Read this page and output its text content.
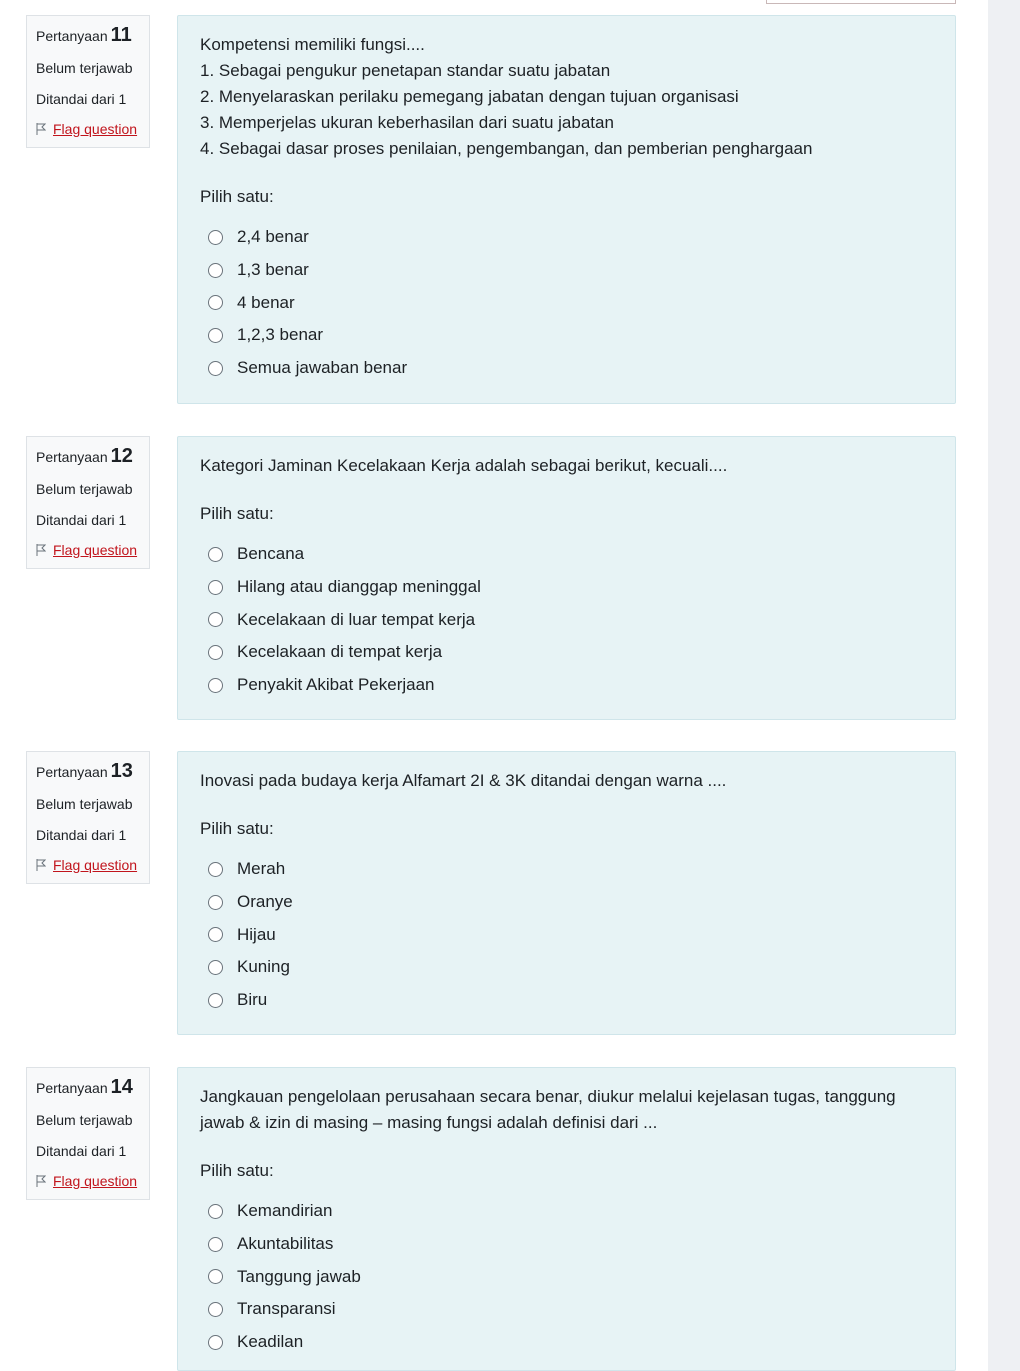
Pertanyaan 11
Belum terjawab
Ditandai dari 1
Flag question

Kompetensi memiliki fungsi....

1. Sebagai pengukur penetapan standar suatu jabatan

2. Menyelaraskan perilaku pemegang jabatan dengan tujuan organisasi

3. Memperjelas ukuran keberhasilan dari suatu jabatan

4. Sebagai dasar proses penilaian, pengembangan, dan pemberian penghargaan

Pilih satu:
2,4 benar
1,3 benar
4 benar
1,2,3 benar
Semua jawaban benar
Pertanyaan 12
Belum terjawab
Ditandai dari 1
Flag question

Kategori Jaminan Kecelakaan Kerja adalah sebagai berikut, kecuali....

Pilih satu:
Bencana
Hilang atau dianggap meninggal
Kecelakaan di luar tempat kerja
Kecelakaan di tempat kerja
Penyakit Akibat Pekerjaan
Pertanyaan 13
Belum terjawab
Ditandai dari 1
Flag question

Inovasi pada budaya kerja Alfamart 2I & 3K ditandai dengan warna ....

Pilih satu:
Merah
Oranye
Hijau
Kuning
Biru
Pertanyaan 14
Belum terjawab
Ditandai dari 1
Flag question

Jangkauan pengelolaan perusahaan secara benar, diukur melalui kejelasan tugas, tanggung

jawab & izin di masing – masing fungsi adalah definisi dari ...

Pilih satu:
Kemandirian
Akuntabilitas
Tanggung jawab
Transparansi
Keadilan
